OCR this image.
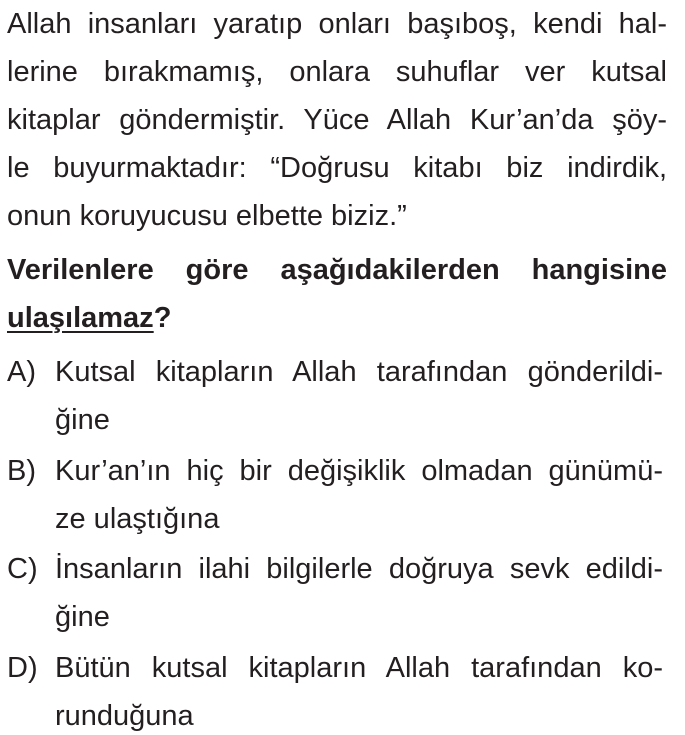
Allah insanları yaratıp onları başıboş, kendi hal-
lerine bırakmamış, onlara suhuflar ver kutsal
kitaplar göndermiştir. Yüce Allah Kur’an’da şöy-
le buyurmaktadır: “Doğrusu kitabı biz indirdik,
onun koruyucusu elbette biziz.”
Verilenlere göre aşağıdakilerden hangisine
ulaşılamaz?
A) Kutsal kitapların Allah tarafından gönderildi-
ğine
B) Kur’an’ın hiç bir değişiklik olmadan günümü-
ze ulaştığına
C) İnsanların ilahi bilgilerle doğruya sevk edildi-
ğine
D) Bütün kutsal kitapların Allah tarafından ko-
runduğuna
